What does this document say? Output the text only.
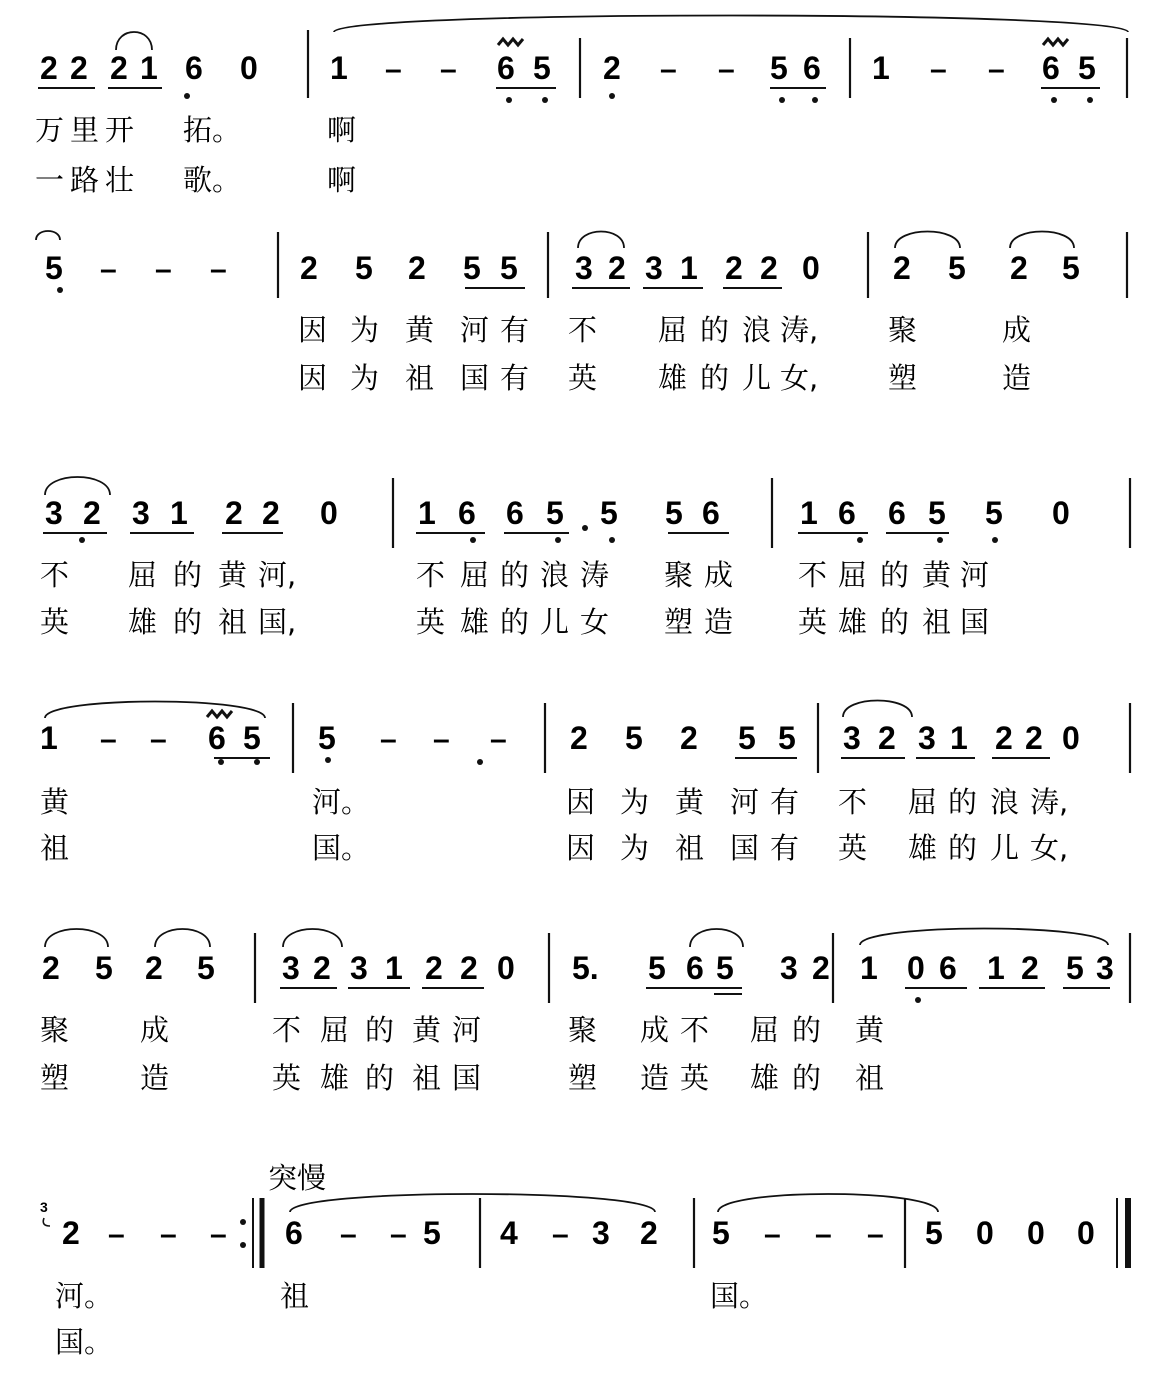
2 2 2 1 6 0 1 – – 6 5 2 – – 5 6 1 – – 6 5
5 – – – 2 5 2 5 5 3 2 3 1 2 2 0 2 5 2 5
3 2 3 1 2 2 0	1 6 6 5 5 5 6	1 6 6 5 5 0
1 – – 6 5 5 – – – 2 5 2 5 5 3 2 3 1 2 2 0
2 5 2 5 3 2 3 1 2 2 0 5. 5 6 5 3 2 1 0 6 1 2 5 3
2 – – – 6 – – 5 4 – 3 2 5 – – – 5 0 0 0
万 里 开 拓。	啊
一 路 壮 歌。	啊
因 为 黄 河 有 不 屈 的 浪 涛, 聚	成
因 为 祖 国 有 英 雄 的 儿 女, 塑	造
不 屈 的 黄 河,	不 屈 的 浪 涛 聚 成 不 屈 的 黄 河
英 雄 的 祖 国,	英 雄 的 儿 女 塑 造 英 雄 的 祖 国
黄	河。	因 为 黄 河 有 不 屈 的 浪 涛,
祖	国。	因 为 祖 国 有 英 雄 的 儿 女,
聚 成	不 屈 的 黄 河	聚 成 不 屈 的 黄
塑 造	英 雄 的 祖 国	塑 造 英 雄 的 祖
河。	祖	国。
国。
突慢
3
